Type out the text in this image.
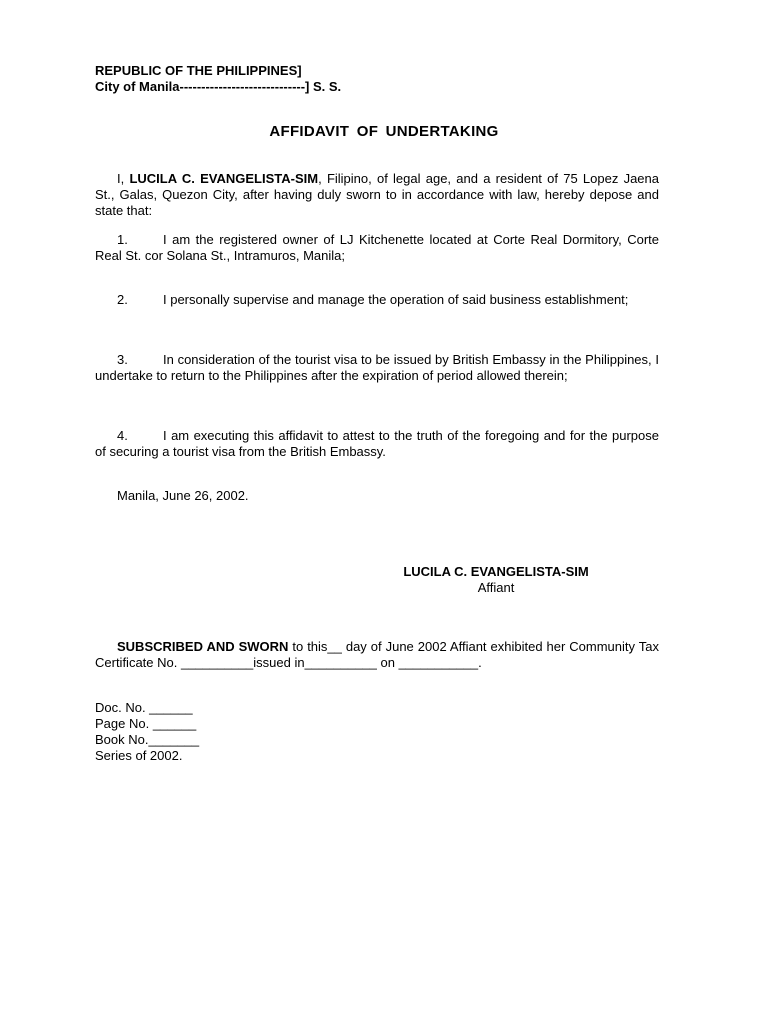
REPUBLIC OF THE PHILIPPINES]
City of Manila-----------------------------] S. S.
AFFIDAVIT OF UNDERTAKING
I, LUCILA C. EVANGELISTA-SIM, Filipino, of legal age, and a resident of 75 Lopez Jaena St., Galas, Quezon City, after having duly sworn to in accordance with law, hereby depose and state that:
1.	I am the registered owner of LJ Kitchenette located at Corte Real Dormitory, Corte Real St. cor Solana St., Intramuros, Manila;
2.	I personally supervise and manage the operation of said business establishment;
3.	In consideration of the tourist visa to be issued by British Embassy in the Philippines, I undertake to return to the Philippines after the expiration of period allowed therein;
4.	I am executing this affidavit to attest to the truth of the foregoing and for the purpose of securing a tourist visa from the British Embassy.
Manila, June 26, 2002.
LUCILA C. EVANGELISTA-SIM
Affiant
SUBSCRIBED AND SWORN to this__ day of June 2002 Affiant exhibited her Community Tax Certificate No. __________issued in__________ on ___________.
Doc. No. ______
Page No. ______
Book No._______
Series of 2002.
